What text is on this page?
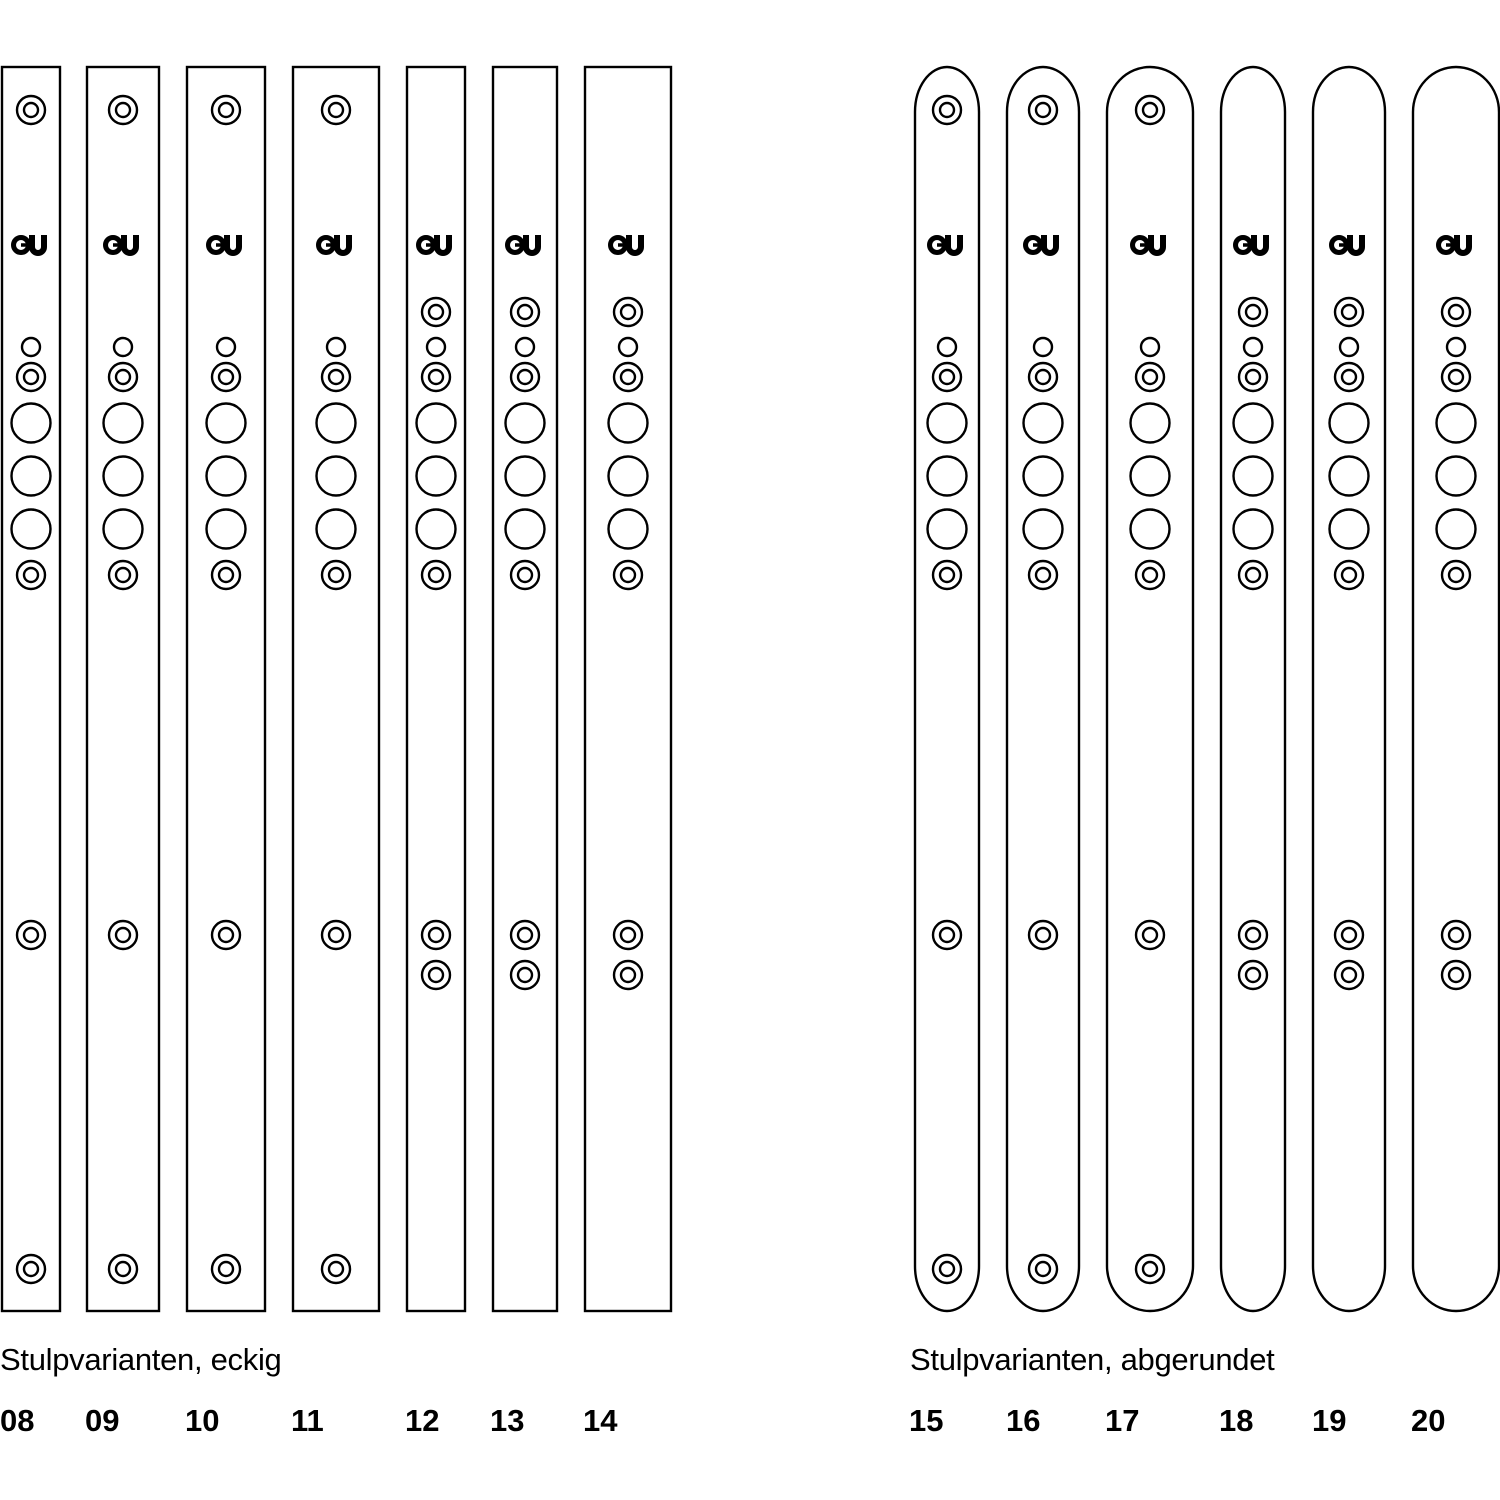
Stulpvarianten, eckig	Stulpvarianten, abgerundet
08 09 10 11	12 13 14	15 16 17	18 19 20
